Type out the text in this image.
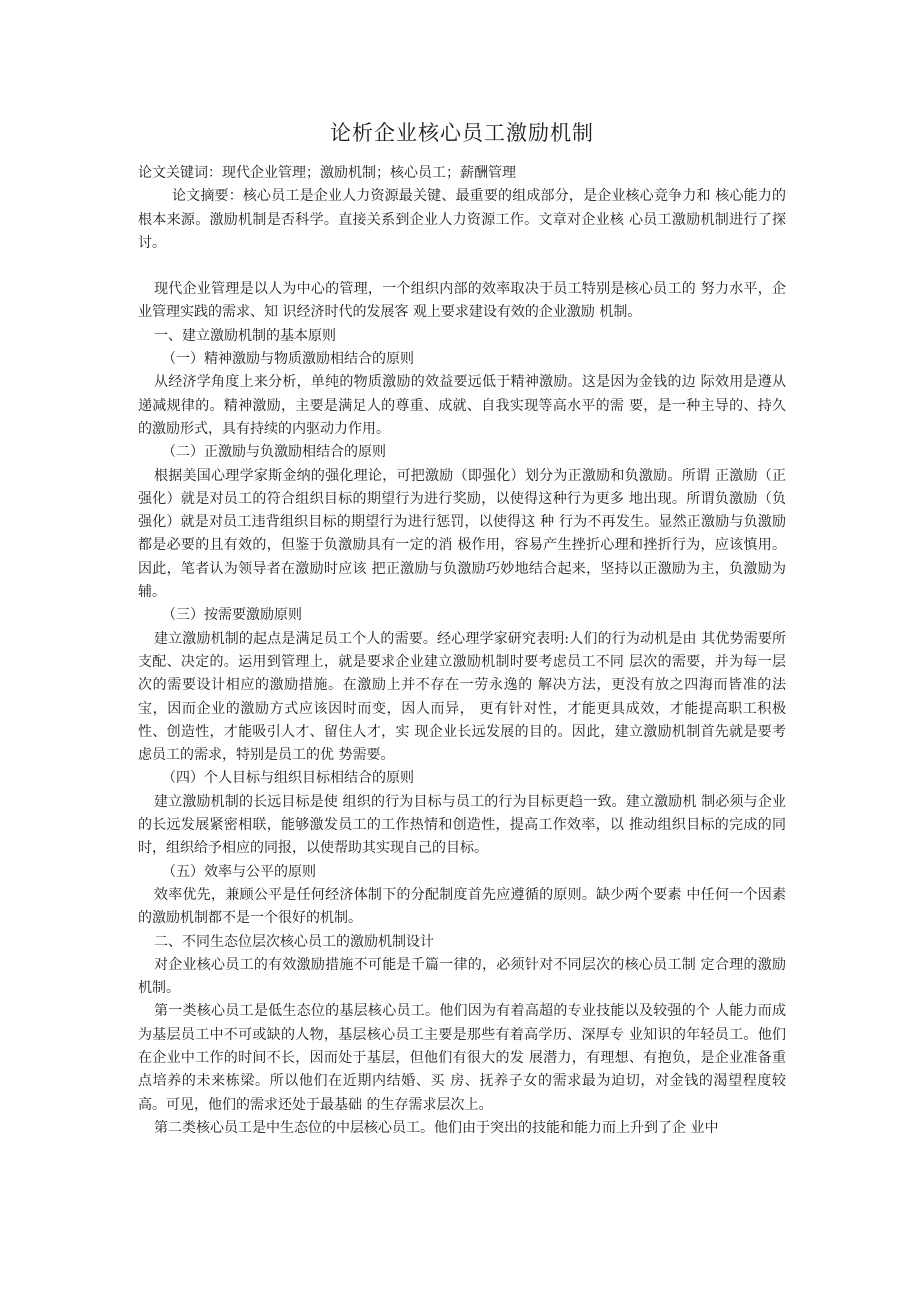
论析企业核心员工激励机制

论文关键词：现代企业管理；激励机制；核心员工；薪酬管理

论文摘要：核心员工是企业人力资源最关键、最重要的组成部分，是企业核心竞争力和 核心能力的根本来源。激励机制是否科学。直接关系到企业人力资源工作。文章对企业核 心员工激励机制进行了探讨。

现代企业管理是以人为中心的管理，一个组织内部的效率取决于员工特别是核心员工的 努力水平，企业管理实践的需求、知 识经济时代的发展客 观上要求建设有效的企业激励 机制。

一、建立激励机制的基本原则

（一）精神激励与物质激励相结合的原则

从经济学角度上来分析，单纯的物质激励的效益要远低于精神激励。这是因为金钱的边 际效用是遵从递减规律的。精神激励，主要是满足人的尊重、成就、自我实现等高水平的需 要，是一种主导的、持久的激励形式，具有持续的内驱动力作用。

（二）正激励与负激励相结合的原则

根据美国心理学家斯金纳的强化理论，可把激励（即强化）划分为正激励和负激励。所谓 正激励（正强化）就是对员工的符合组织目标的期望行为进行奖励，以使得这种行为更多 地出现。所谓负激励（负强化）就是对员工违背组织目标的期望行为进行惩罚，以使得这 种 行为不再发生。显然正激励与负激励都是必要的且有效的，但鉴于负激励具有一定的消 极作用，容易产生挫折心理和挫折行为，应该慎用。因此，笔者认为领导者在激励时应该 把正激励与负激励巧妙地结合起来，坚持以正激励为主，负激励为辅。

（三）按需要激励原则

建立激励机制的起点是满足员工个人的需要。经心理学家研究表明:人们的行为动机是由 其优势需要所支配、决定的。运用到管理上，就是要求企业建立激励机制时要考虑员工不同 层次的需要，并为每一层次的需要设计相应的激励措施。在激励上并不存在一劳永逸的 解决方法，更没有放之四海而皆准的法宝，因而企业的激励方式应该因时而变，因人而异， 更有针对性，才能更具成效，才能提高职工积极性、创造性，才能吸引人才、留住人才，实 现企业长远发展的目的。因此，建立激励机制首先就是要考虑员工的需求，特别是员工的优 势需要。

（四）个人目标与组织目标相结合的原则

建立激励机制的长远目标是使 组织的行为目标与员工的行为目标更趋一致。建立激励机 制必须与企业的长远发展紧密相联，能够激发员工的工作热情和创造性，提高工作效率，以 推动组织目标的完成的同时，组织给予相应的同报，以使帮助其实现自己的目标。

（五）效率与公平的原则

效率优先，兼顾公平是任何经济体制下的分配制度首先应遵循的原则。缺少两个要素 中任何一个因素的激励机制都不是一个很好的机制。

二、不同生态位层次核心员工的激励机制设计

对企业核心员工的有效激励措施不可能是千篇一律的，必须针对不同层次的核心员工制 定合理的激励机制。

第一类核心员工是低生态位的基层核心员工。他们因为有着高超的专业技能以及较强的个 人能力而成为基层员工中不可或缺的人物，基层核心员工主要是那些有着高学历、深厚专 业知识的年轻员工。他们在企业中工作的时间不长，因而处于基层，但他们有很大的发 展潜力，有理想、有抱负，是企业准备重点培养的未来栋梁。所以他们在近期内结婚、买 房、抚养子女的需求最为迫切，对金钱的渴望程度较高。可见，他们的需求还处于最基础 的生存需求层次上。

第二类核心员工是中生态位的中层核心员工。他们由于突出的技能和能力而上升到了企 业中
